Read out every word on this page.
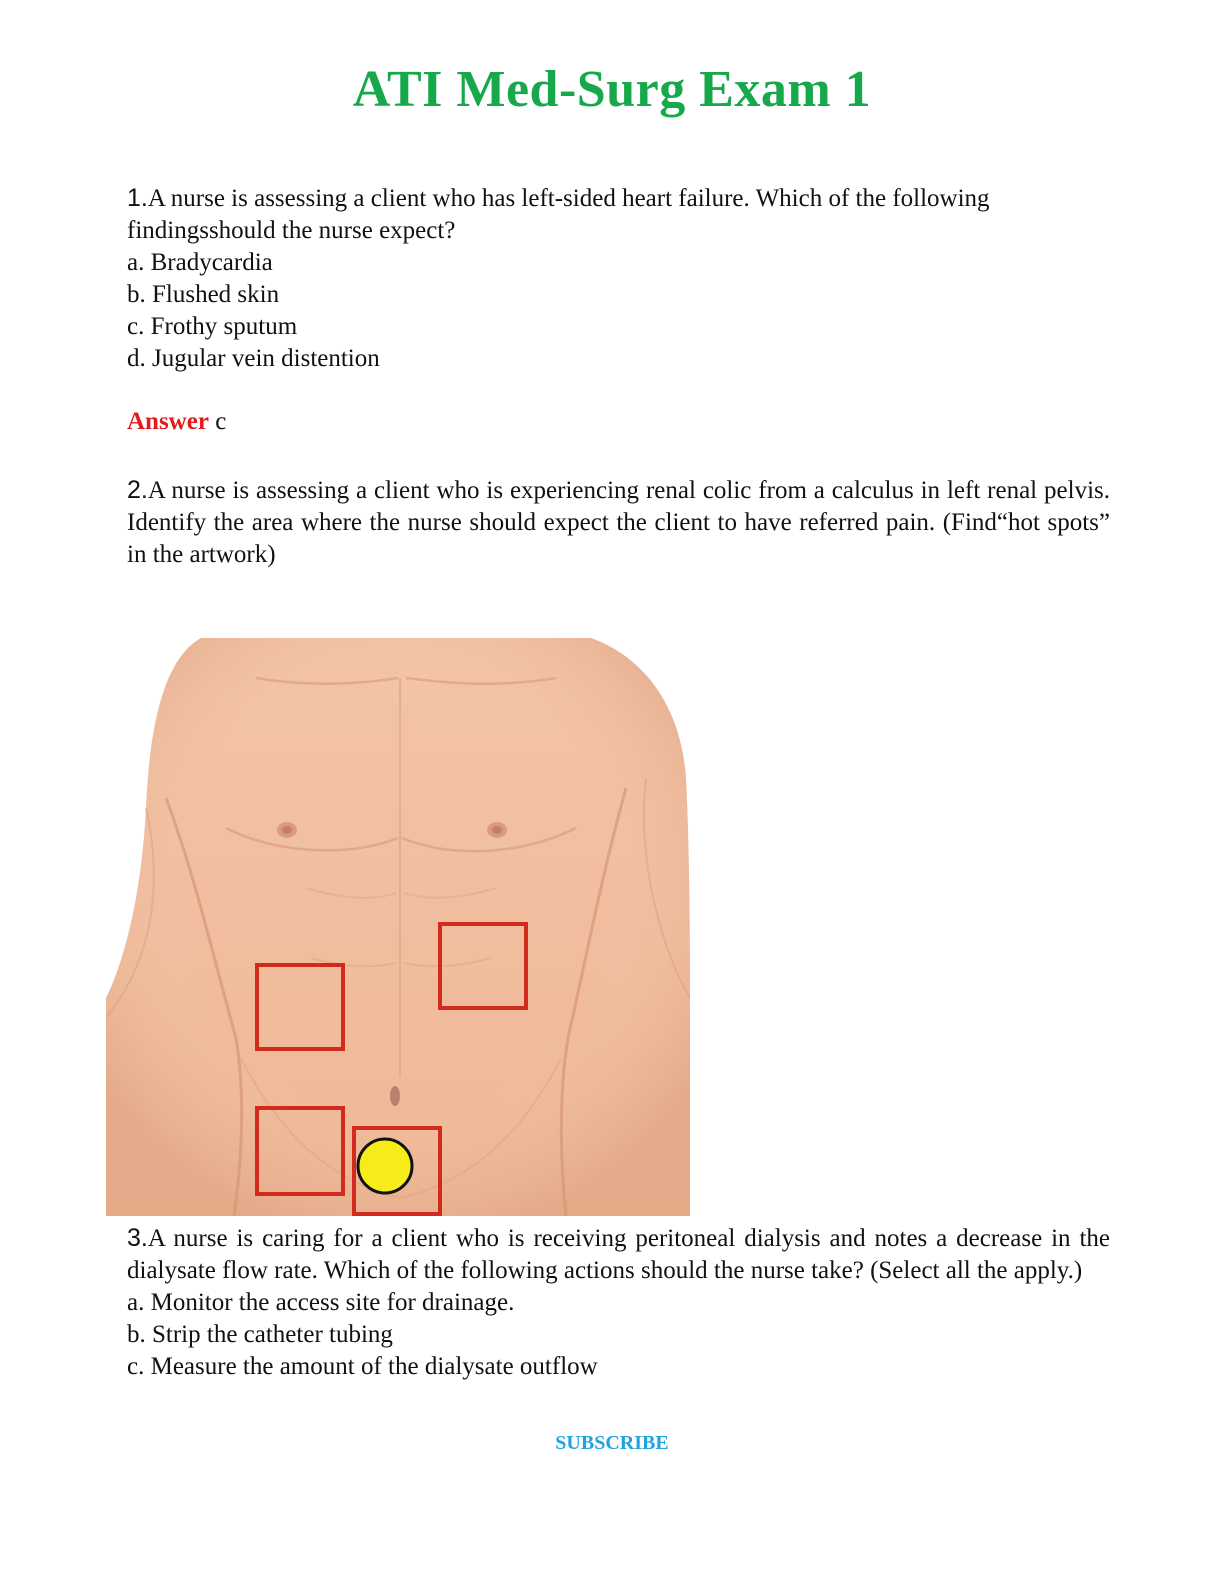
ATI Med-Surg Exam 1

1.A nurse is assessing a client who has left-sided heart failure. Which of the following findingsshould the nurse expect?

a. Bradycardia

b. Flushed skin

c. Frothy sputum

d. Jugular vein distention

Answer c

2.A nurse is assessing a client who is experiencing renal colic from a calculus in left renal pelvis. Identify the area where the nurse should expect the client to have referred pain. (Find“hot spots” in the artwork)

3.A nurse is caring for a client who is receiving peritoneal dialysis and notes a decrease in the dialysate flow rate. Which of the following actions should the nurse take? (Select all the apply.)

a. Monitor the access site for drainage.

b. Strip the catheter tubing

c. Measure the amount of the dialysate outflow

SUBSCRIBE
